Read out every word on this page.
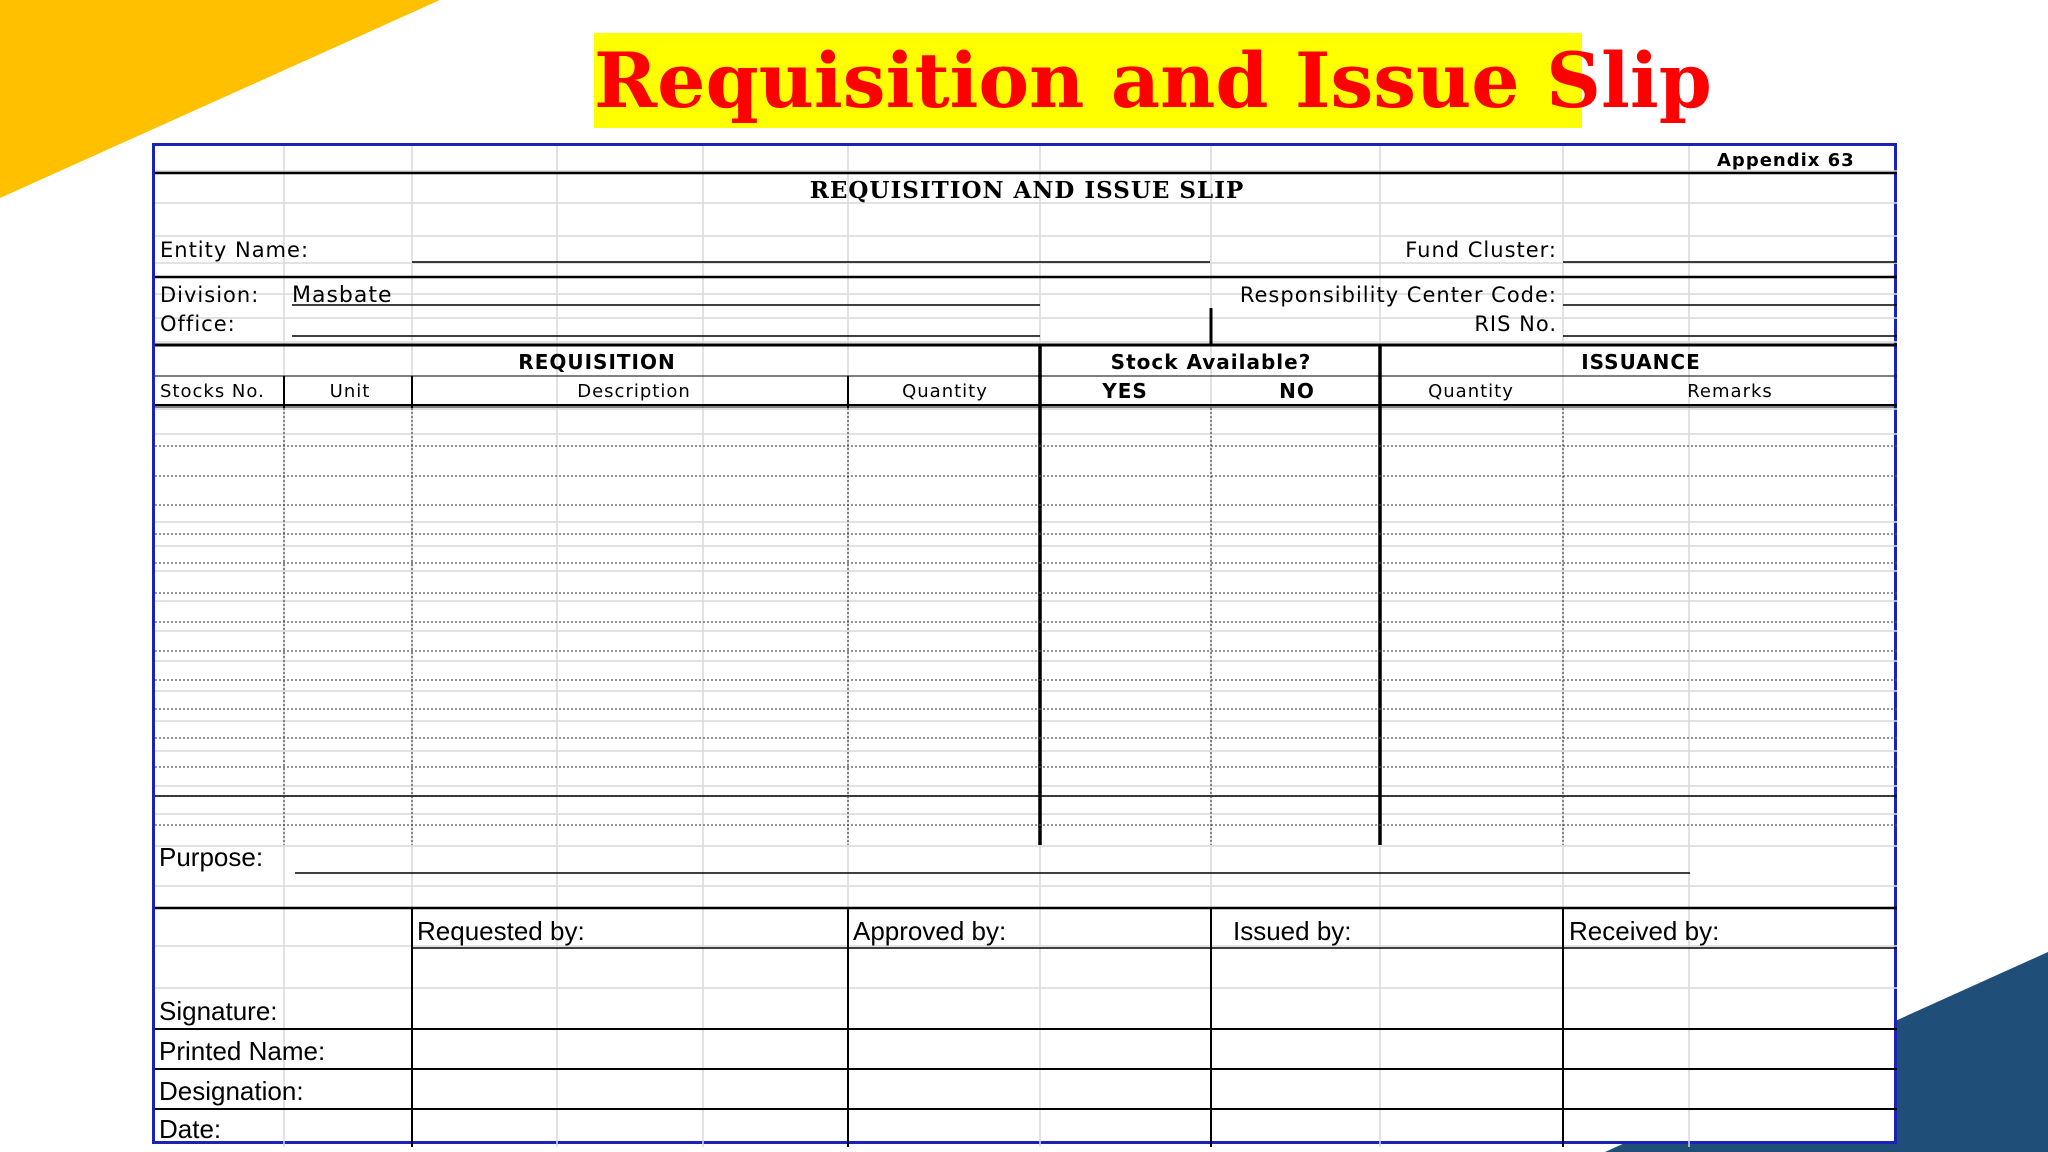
Requisition and Issue Slip
Appendix 63
REQUISITION AND ISSUE SLIP
Entity Name:	Fund Cluster:
Division: Masbate	Responsibility Center Code:
Office:	RIS No.
REQUISITION	Stock Available?	ISSUANCE
Stocks No.	Unit	Description	Quantity	YES	NO	Quantity	Remarks
Purpose:
Requested by:	Approved by:	Issued by:	Received by:
Signature:
Printed Name:
Designation:
Date:
